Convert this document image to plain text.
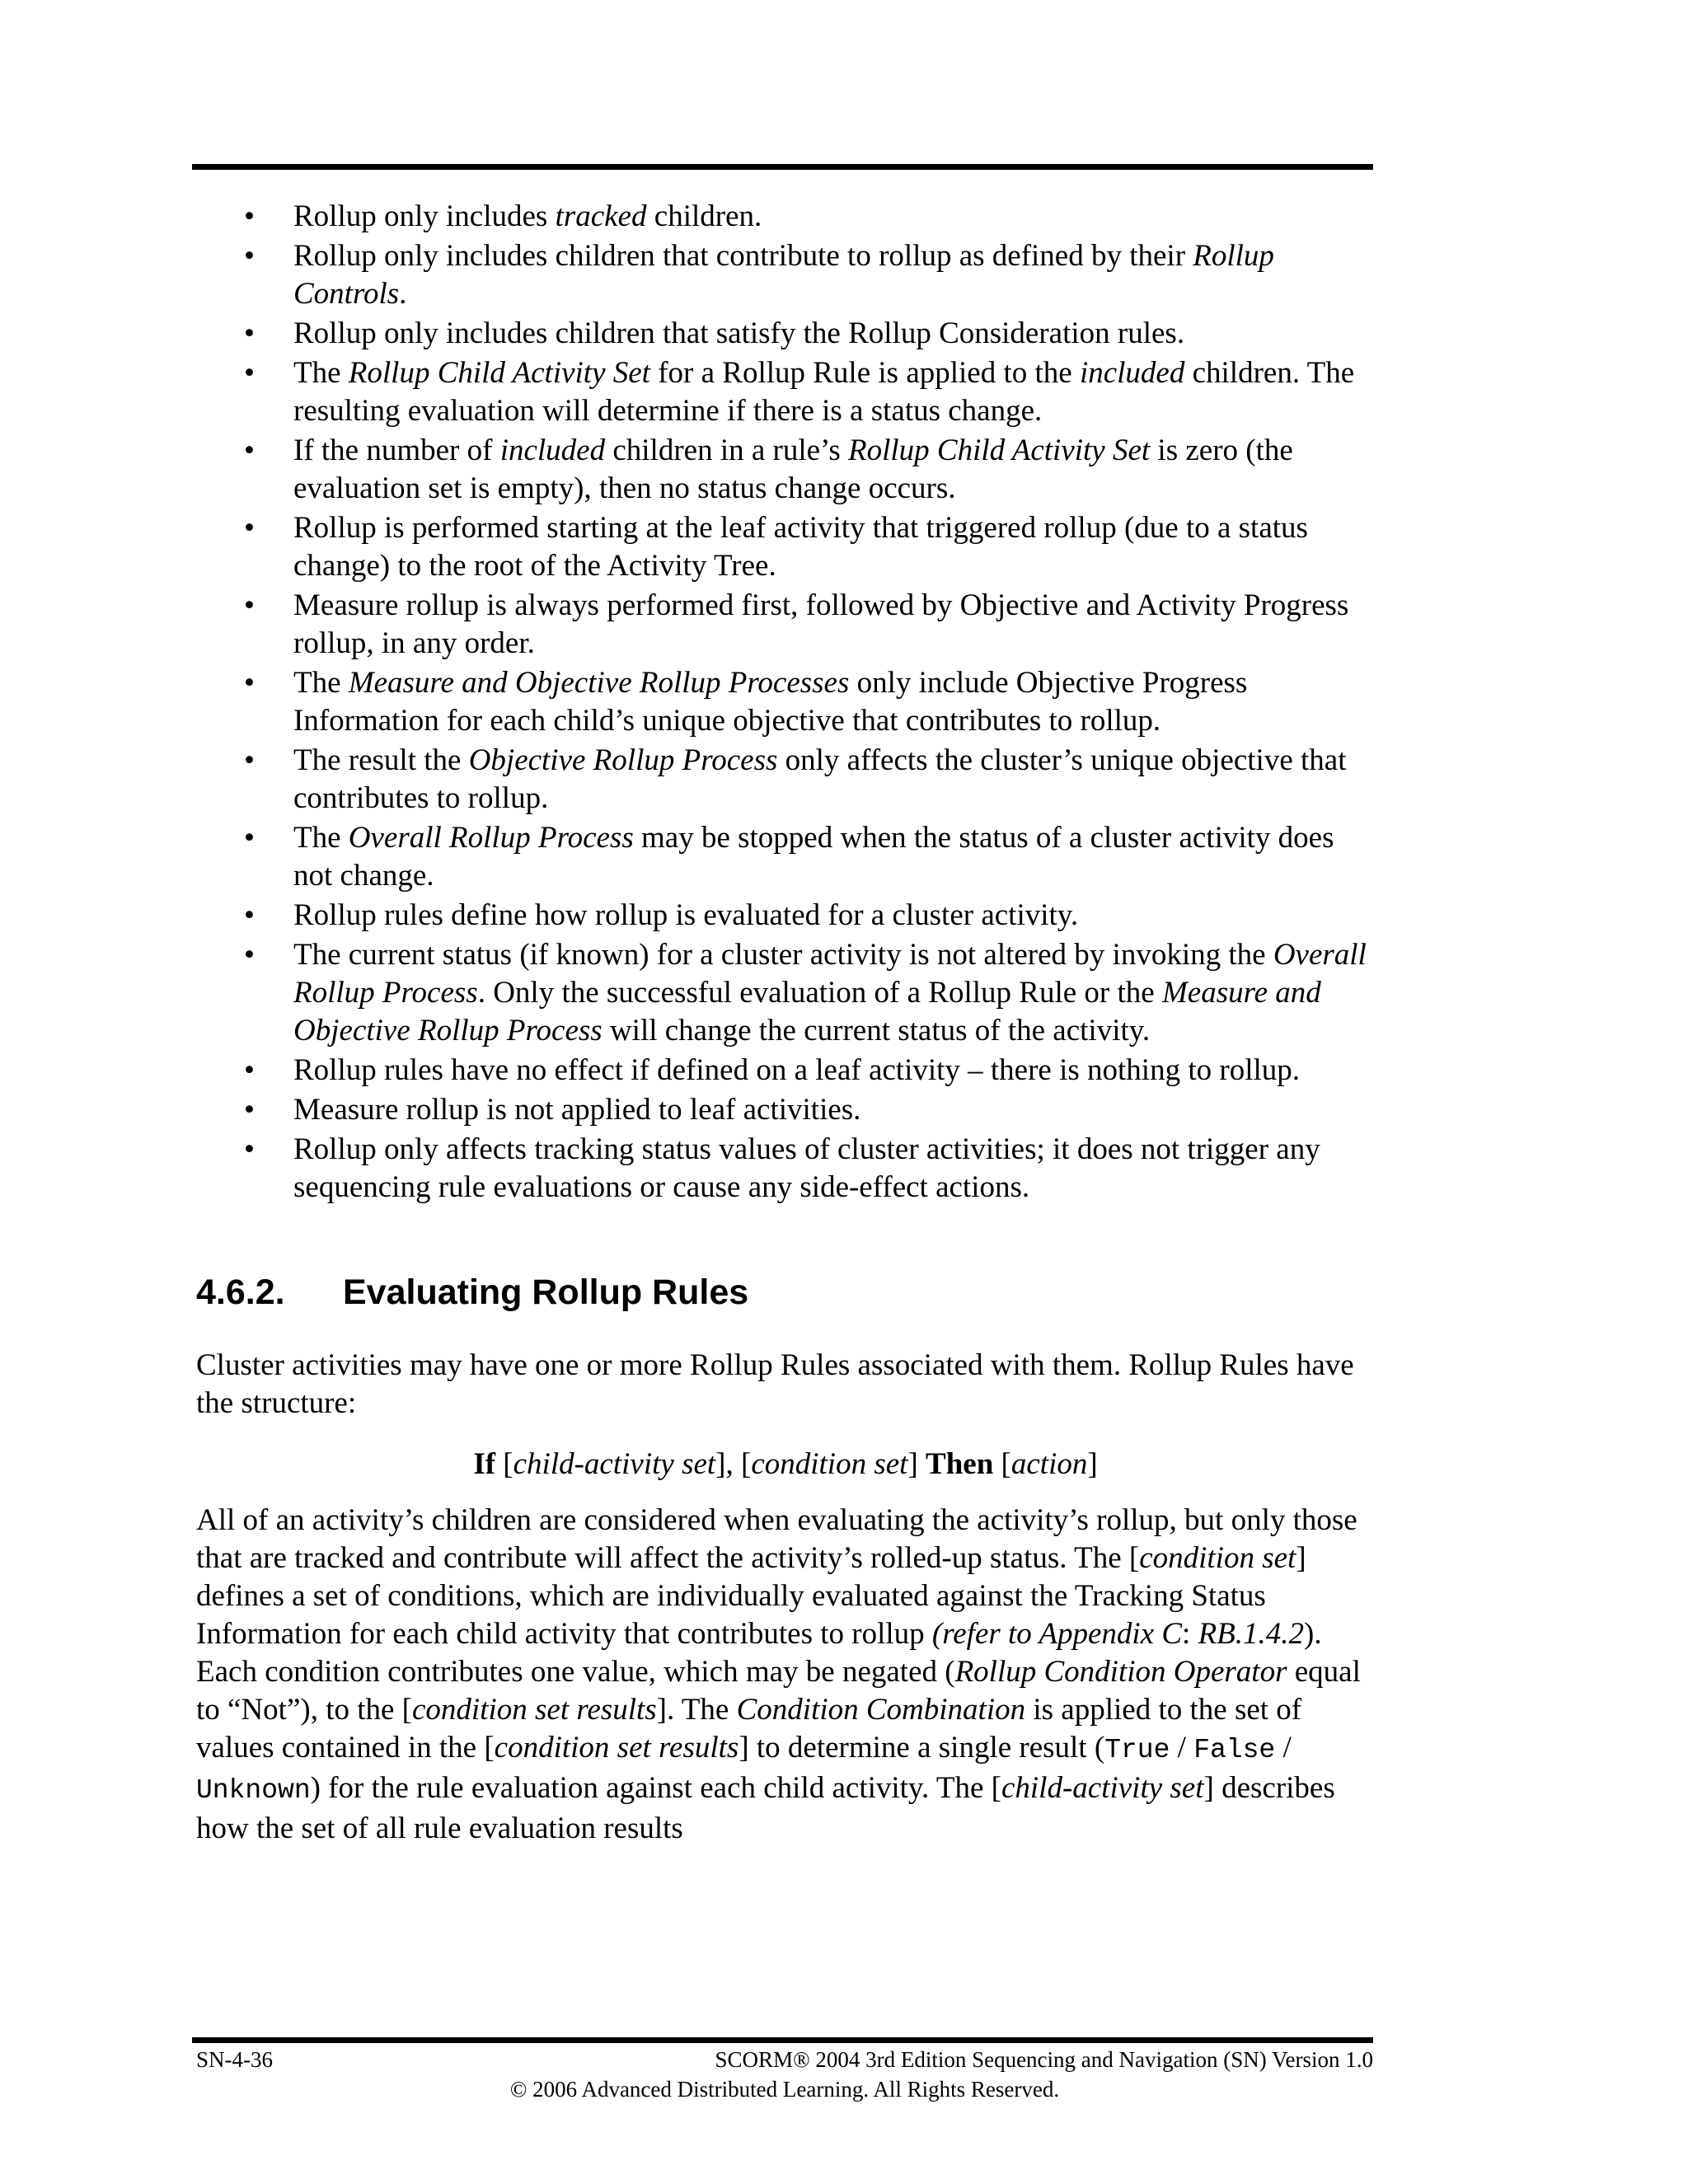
• Rollup only includes tracked children.
• Rollup only includes children that contribute to rollup as defined by their Rollup Controls.
• Rollup only includes children that satisfy the Rollup Consideration rules.
• The Rollup Child Activity Set for a Rollup Rule is applied to the included children. The resulting evaluation will determine if there is a status change.
• If the number of included children in a rule’s Rollup Child Activity Set is zero (the evaluation set is empty), then no status change occurs.
• Rollup is performed starting at the leaf activity that triggered rollup (due to a status change) to the root of the Activity Tree.
• Measure rollup is always performed first, followed by Objective and Activity Progress rollup, in any order.
• The Measure and Objective Rollup Processes only include Objective Progress Information for each child’s unique objective that contributes to rollup.
• The result the Objective Rollup Process only affects the cluster’s unique objective that contributes to rollup.
• The Overall Rollup Process may be stopped when the status of a cluster activity does not change.
• Rollup rules define how rollup is evaluated for a cluster activity.
• The current status (if known) for a cluster activity is not altered by invoking the Overall Rollup Process. Only the successful evaluation of a Rollup Rule or the Measure and Objective Rollup Process will change the current status of the activity.
• Rollup rules have no effect if defined on a leaf activity – there is nothing to rollup.
• Measure rollup is not applied to leaf activities.
• Rollup only affects tracking status values of cluster activities; it does not trigger any sequencing rule evaluations or cause any side-effect actions.
4.6.2. Evaluating Rollup Rules

Cluster activities may have one or more Rollup Rules associated with them. Rollup Rules have the structure:

If [child-activity set], [condition set] Then [action]

All of an activity’s children are considered when evaluating the activity’s rollup, but only those that are tracked and contribute will affect the activity’s rolled-up status. The [condition set] defines a set of conditions, which are individually evaluated against the Tracking Status Information for each child activity that contributes to rollup (refer to Appendix C: RB.1.4.2). Each condition contributes one value, which may be negated (Rollup Condition Operator equal to “Not”), to the [condition set results]. The Condition Combination is applied to the set of values contained in the [condition set results] to determine a single result (True / False / Unknown) for the rule evaluation against each child activity. The [child-activity set] describes how the set of all rule evaluation results

SN-4-36	SCORM® 2004 3rd Edition Sequencing and Navigation (SN) Version 1.0
© 2006 Advanced Distributed Learning. All Rights Reserved.
